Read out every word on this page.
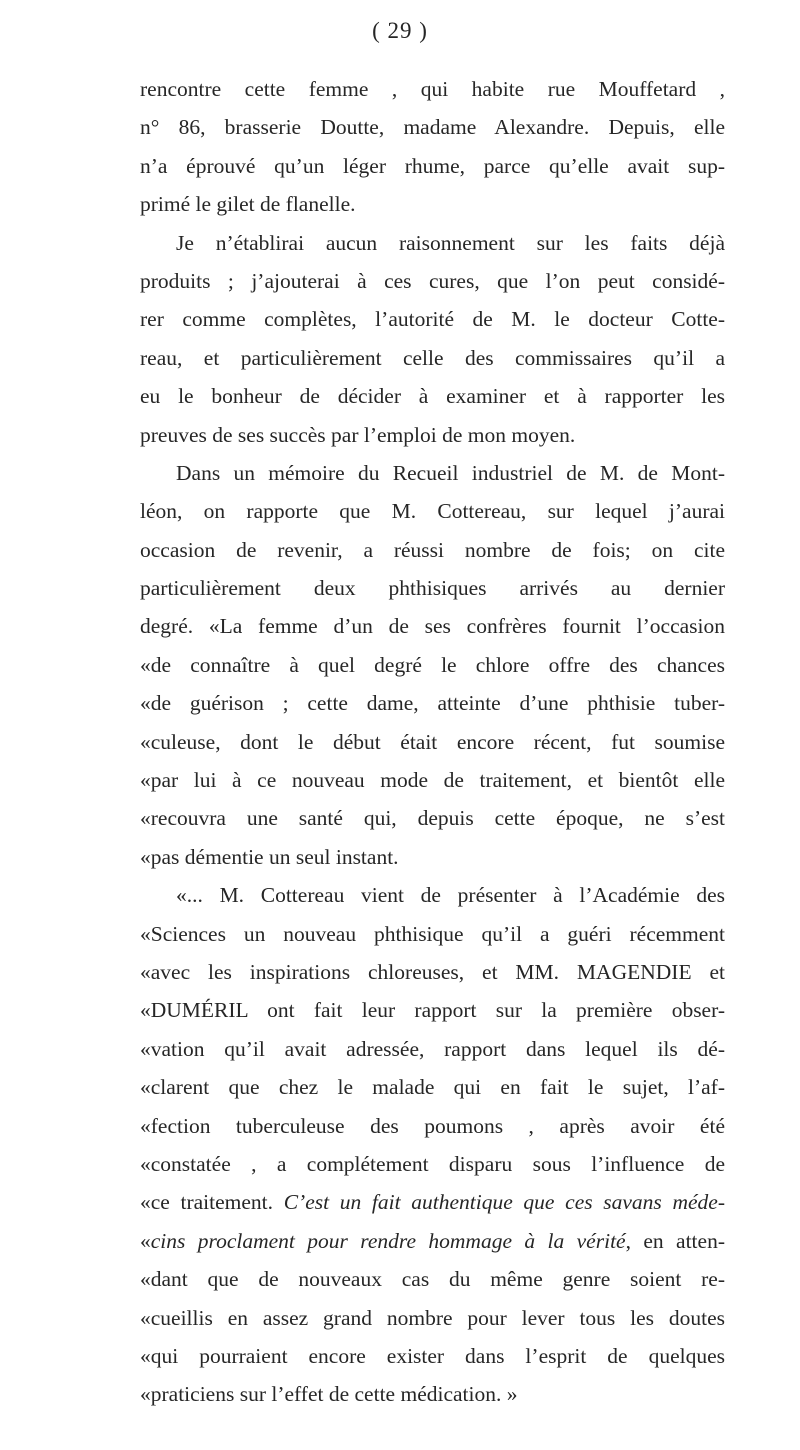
( 29 )
rencontre cette femme , qui habite rue Mouffetard ,
n° 86, brasserie Doutte, madame Alexandre. Depuis, elle
n’a éprouvé qu’un léger rhume, parce qu’elle avait sup-
primé le gilet de flanelle.
Je n’établirai aucun raisonnement sur les faits déjà
produits ; j’ajouterai à ces cures, que l’on peut considé-
rer comme complètes, l’autorité de M. le docteur Cotte-
reau, et particulièrement celle des commissaires qu’il a
eu le bonheur de décider à examiner et à rapporter les
preuves de ses succès par l’emploi de mon moyen.
Dans un mémoire du Recueil industriel de M. de Mont-
léon, on rapporte que M. Cottereau, sur lequel j’aurai
occasion de revenir, a réussi nombre de fois; on cite
particulièrement deux phthisiques arrivés au dernier
degré. «La femme d’un de ses confrères fournit l’occasion
«de connaître à quel degré le chlore offre des chances
«de guérison ; cette dame, atteinte d’une phthisie tuber-
«culeuse, dont le début était encore récent, fut soumise
«par lui à ce nouveau mode de traitement, et bientôt elle
«recouvra une santé qui, depuis cette époque, ne s’est
«pas démentie un seul instant.
«... M. Cottereau vient de présenter à l’Académie des
«Sciences un nouveau phthisique qu’il a guéri récemment
«avec les inspirations chloreuses, et MM. MAGENDIE et
«DUMÉRIL ont fait leur rapport sur la première obser-
«vation qu’il avait adressée, rapport dans lequel ils dé-
«clarent que chez le malade qui en fait le sujet, l’af-
«fection tuberculeuse des poumons , après avoir été
«constatée , a complétement disparu sous l’influence de
«ce traitement. C’est un fait authentique que ces savans méde-
«cins proclament pour rendre hommage à la vérité, en atten-
«dant que de nouveaux cas du même genre soient re-
«cueillis en assez grand nombre pour lever tous les doutes
«qui pourraient encore exister dans l’esprit de quelques
«praticiens sur l’effet de cette médication. »
